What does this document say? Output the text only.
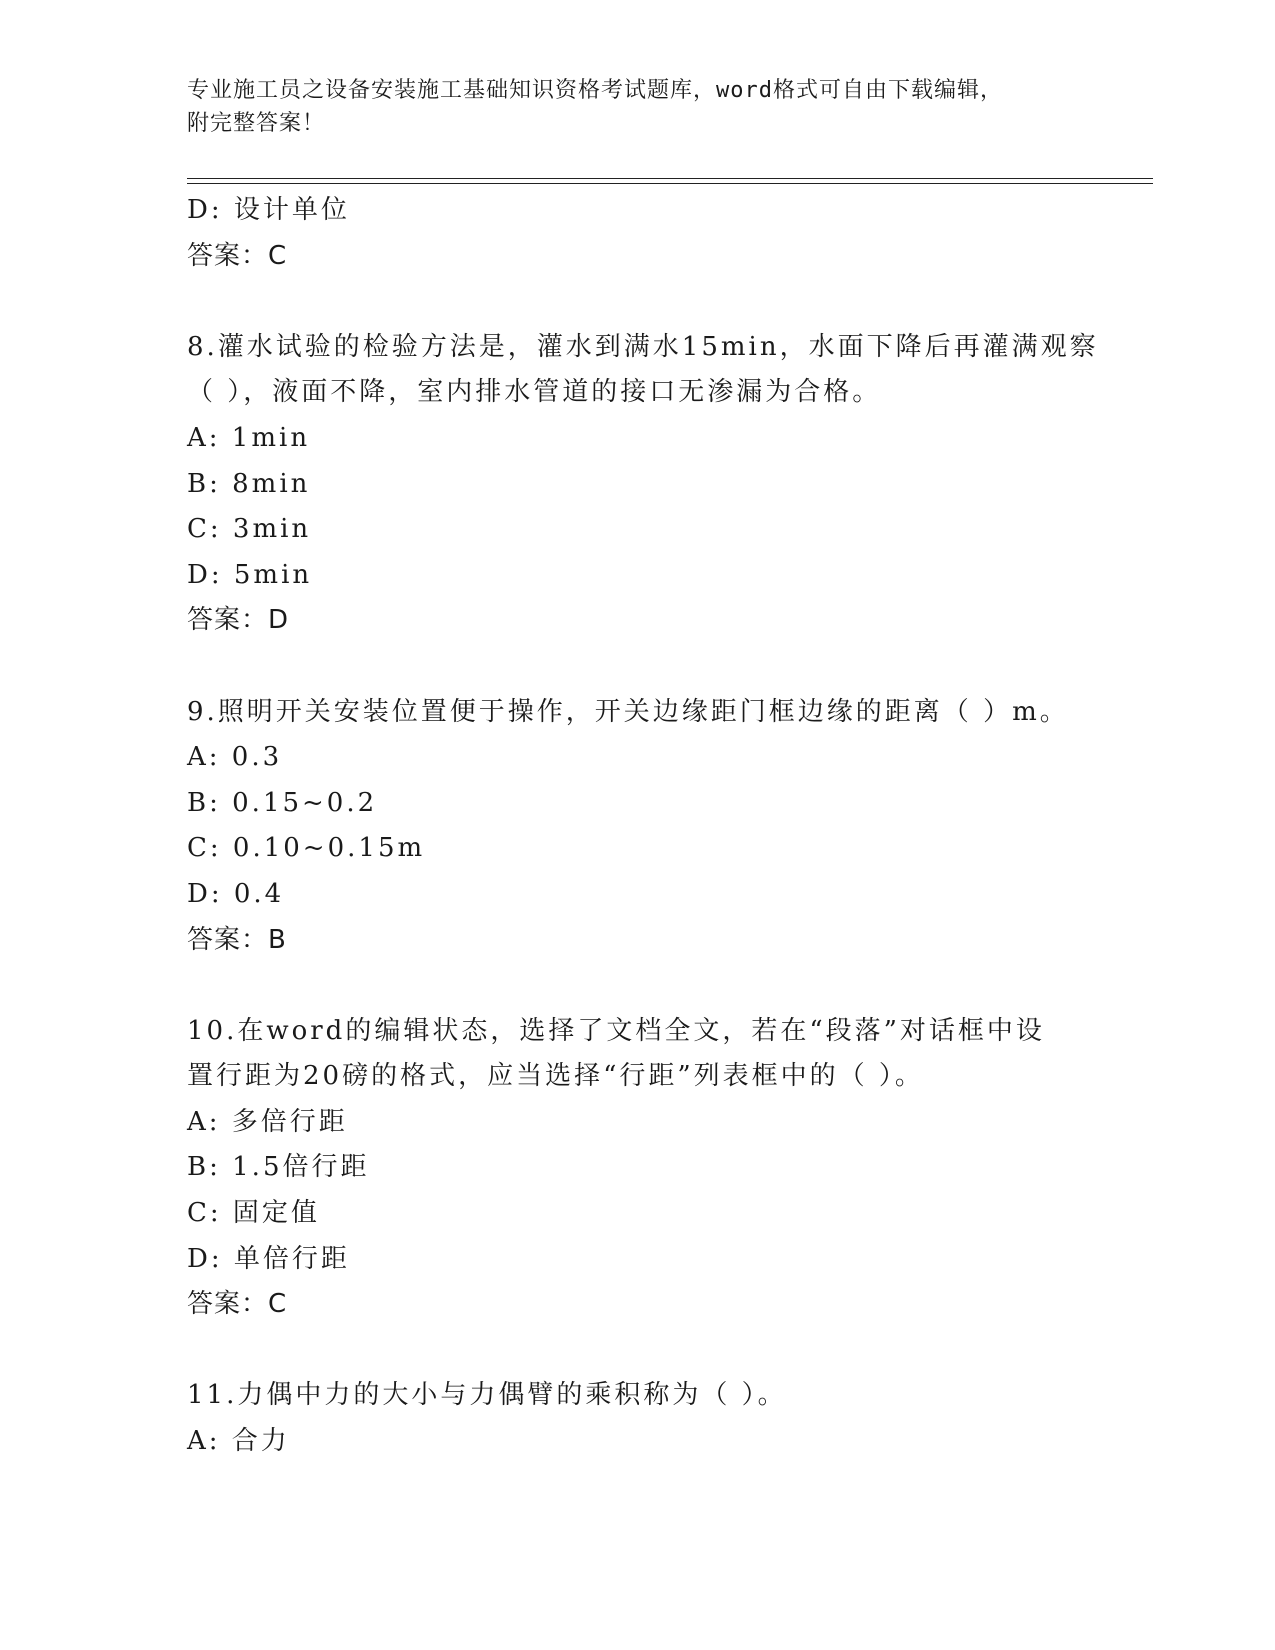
专业施工员之设备安装施工基础知识资格考试题库，word格式可自由下载编辑，
附完整答案！
D: 设计单位
答案：C
8.灌水试验的检验方法是，灌水到满水15min，水面下降后再灌满观察
（ ），液面不降，室内排水管道的接口无渗漏为合格。
A: 1min
B: 8min
C: 3min
D: 5min
答案：D
9.照明开关安装位置便于操作，开关边缘距门框边缘的距离（ ）m。
A: 0.3
B: 0.15~0.2
C: 0.10~0.15m
D: 0.4
答案：B
10.在word的编辑状态，选择了文档全文，若在“段落”对话框中设
置行距为20磅的格式，应当选择“行距”列表框中的（ ）。
A: 多倍行距
B: 1.5倍行距
C: 固定值
D: 单倍行距
答案：C
11.力偶中力的大小与力偶臂的乘积称为（ ）。
A: 合力
